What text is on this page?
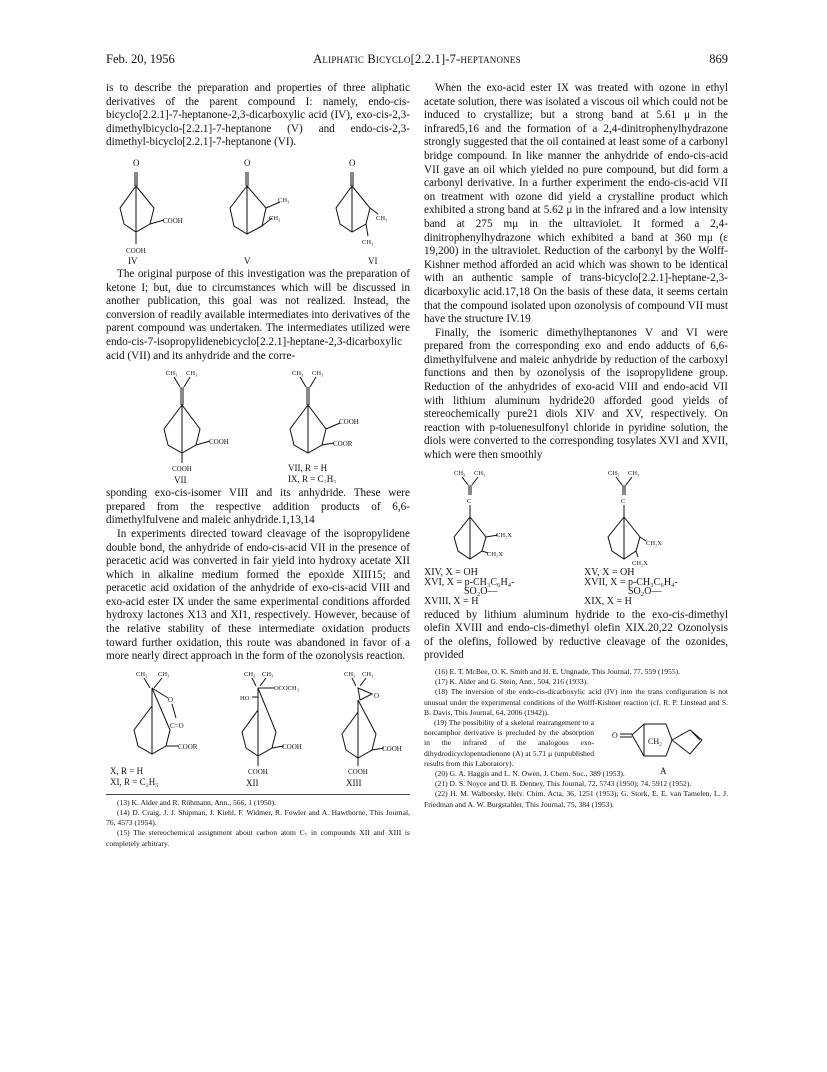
Feb. 20, 1956	Aliphatic Bicyclo[2.2.1]-7-heptanones	869

is to describe the preparation and properties of three aliphatic derivatives of the parent compound I: namely, endo-cis-bicyclo[2.2.1]-7-heptanone-2,3-dicarboxylic acid (IV), exo-cis-2,3-dimethylbicyclo-[2.2.1]-7-heptanone (V) and endo-cis-2,3-dimethyl-bicyclo[2.2.1]-7-heptanone (VI).

O
COOH
COOH
IV
O
CH₃
CH₃
V
O
CH₃
CH₃
VI

The original purpose of this investigation was the preparation of ketone I; but, due to circumstances which will be discussed in another publication, this goal was not realized. Instead, the conversion of readily available intermediates into derivatives of the parent compound was undertaken. The intermediates utilized were endo-cis-7-isopropylidenebicyclo[2.2.1]-heptane-2,3-dicarboxylic acid (VII) and its anhydride and the corre-

CH₃ CH₃
COOH
COOH
VII
CH₃ CH₃
COOH
COOR
VII, R = H
IX, R = C₂H₅

sponding exo-cis-isomer VIII and its anhydride. These were prepared from the respective addition products of 6,6-dimethylfulvene and maleic anhydride.1,13,14

In experiments directed toward cleavage of the isopropylidene double bond, the anhydride of endo-cis-acid VII in the presence of peracetic acid was converted in fair yield into hydroxy acetate XII which in alkaline medium formed the epoxide XIII15; and peracetic acid oxidation of the anhydride of exo-cis-acid VIII and exo-acid ester IX under the same experimental conditions afforded hydroxy lactones X13 and XI1, respectively. However, because of the relative stability of these intermediate oxidation products toward further oxidation, this route was abandoned in favor of a more nearly direct approach in the form of the ozonolysis reaction.

CH₃ CH₃
O
C=O
COOR
X, R = H
XI, R = C₂H₅
CH₃ CH₃
OCOCH₃
HO
COOH
COOH
XII
CH₃ CH₃
O
COOH
COOH
XIII

(13) K. Alder and R. Rühmann, Ann., 566, 1 (1950).

(14) D. Craig, J. J. Shipman, J. Kiehl, F. Widmer, R. Fowler and A. Hawthorne, This Journal, 76, 4573 (1954).

(15) The stereochemical assignment about carbon atom C₇ in compounds XII and XIII is completely arbitrary.

When the exo-acid ester IX was treated with ozone in ethyl acetate solution, there was isolated a viscous oil which could not be induced to crystallize; but a strong band at 5.61 μ in the infrared5,16 and the formation of a 2,4-dinitrophenylhydrazone strongly suggested that the oil contained at least some of a carbonyl bridge compound. In like manner the anhydride of endo-cis-acid VII gave an oil which yielded no pure compound, but did form a carbonyl derivative. In a further experiment the endo-cis-acid VII on treatment with ozone did yield a crystalline product which exhibited a strong band at 5.62 μ in the infrared and a low intensity band at 275 mμ in the ultraviolet. It formed a 2,4-dinitrophenylhydrazone which exhibited a band at 360 mμ (ε 19,200) in the ultraviolet. Reduction of the carbonyl by the Wolff-Kishner method afforded an acid which was shown to be identical with an authentic sample of trans-bicyclo[2.2.1]-heptane-2,3-dicarboxylic acid.17,18 On the basis of these data, it seems certain that the compound isolated upon ozonolysis of compound VII must have the structure IV.19

Finally, the isomeric dimethylheptanones V and VI were prepared from the corresponding exo and endo adducts of 6,6-dimethylfulvene and maleic anhydride by reduction of the carboxyl functions and then by ozonolysis of the isopropylidene group. Reduction of the anhydrides of exo-acid VIII and endo-acid VII with lithium aluminum hydride20 afforded good yields of stereochemically pure21 diols XIV and XV, respectively. On reaction with p-toluenesulfonyl chloride in pyridine solution, the diols were converted to the corresponding tosylates XVI and XVII, which were then smoothly

CH₃ CH₃
C
CH₂X
CH₂X
CH₃ CH₃
C
CH₂X
CH₂X
XIV, X = OH
XVI, X = p-CH₃C₆H₄-
SO₂O—
XVIII, X = H
XV, X = OH
XVII, X = p-CH₃C₆H₄-
SO₂O—
XIX, X = H

reduced by lithium aluminum hydride to the exo-cis-dimethyl olefin XVIII and endo-cis-dimethyl olefin XIX.20,22 Ozonolysis of the olefins, followed by reductive cleavage of the ozonides, provided

(16) E. T. McBee, O. K. Smith and H. E. Ungnade, This Journal, 77, 559 (1955).

(17) K. Alder and G. Stein, Ann., 504, 216 (1933).

(18) The inversion of the endo-cis-dicarboxylic acid (IV) into the trans configuration is not unusual under the experimental conditions of the Wolff-Kishner reaction (cf. R. P. Linstead and S. B. Davis, This Journal, 64, 2006 (1942)).

(19) The possibility of a skeletal rearrangement to a norcamphor derivative is precluded by the absorption in the infrared of the analogous exo-dihydrodicyclopentadienone (A) at 5.71 μ (unpublished results from this Laboratory).
O
CH₂
A

(20) G. A. Haggis and L. N. Owen, J. Chem. Soc., 389 (1953).

(21) D. S. Noyce and D. B. Denney, This Journal, 72, 5743 (1950); 74, 5912 (1952).

(22) H. M. Walborsky, Helv. Chim. Acta, 36, 1251 (1953); G. Stork, E. E. van Tamelen, L. J. Friedman and A. W. Burgstahler, This Journal, 75, 384 (1953).
